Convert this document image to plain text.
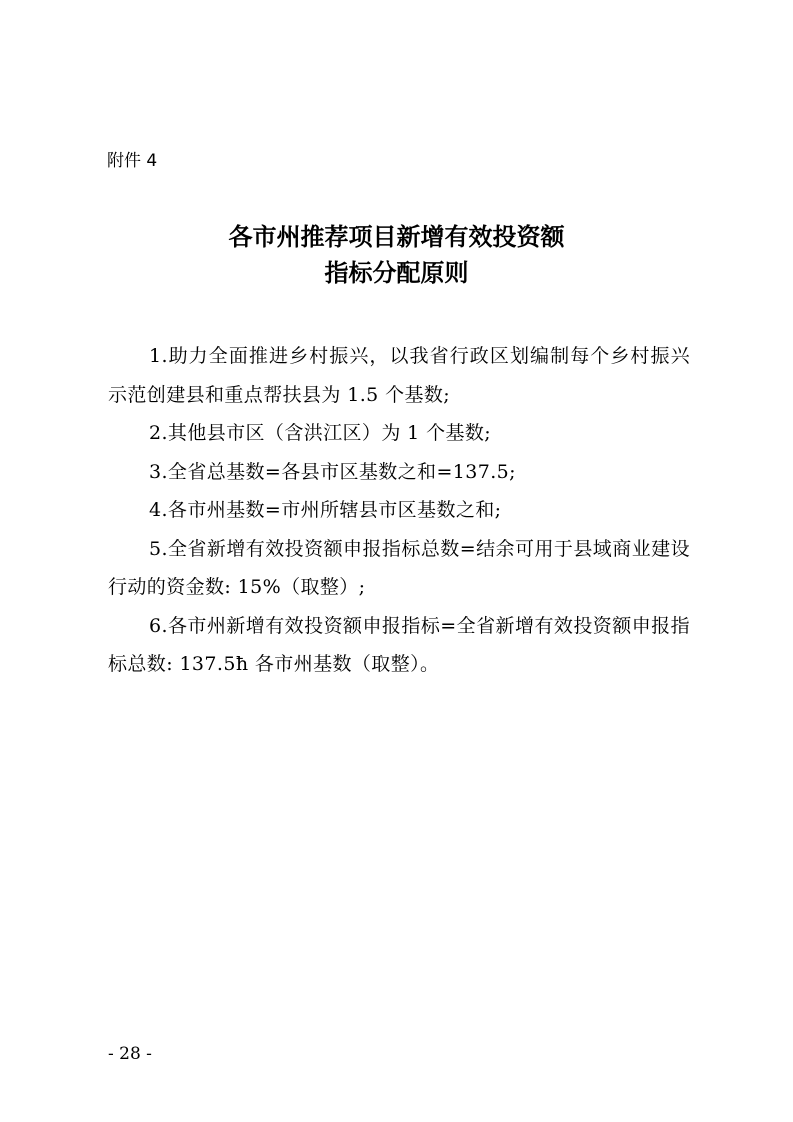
附件 4
各市州推荐项目新增有效投资额
指标分配原则

1.助力全面推进乡村振兴，以我省行政区划编制每个乡村振兴示范创建县和重点帮扶县为 1.5 个基数;

2.其他县市区（含洪江区）为 1 个基数;

3.全省总基数=各县市区基数之和=137.5;

4.各市州基数=市州所辖县市区基数之和;

5.全省新增有效投资额申报指标总数=结余可用于县域商业建设行动的资金数: 15%（取整）;

6.各市州新增有效投资额申报指标=全省新增有效投资额申报指标总数: 137.5ħ 各市州基数（取整）。

- 28 -
